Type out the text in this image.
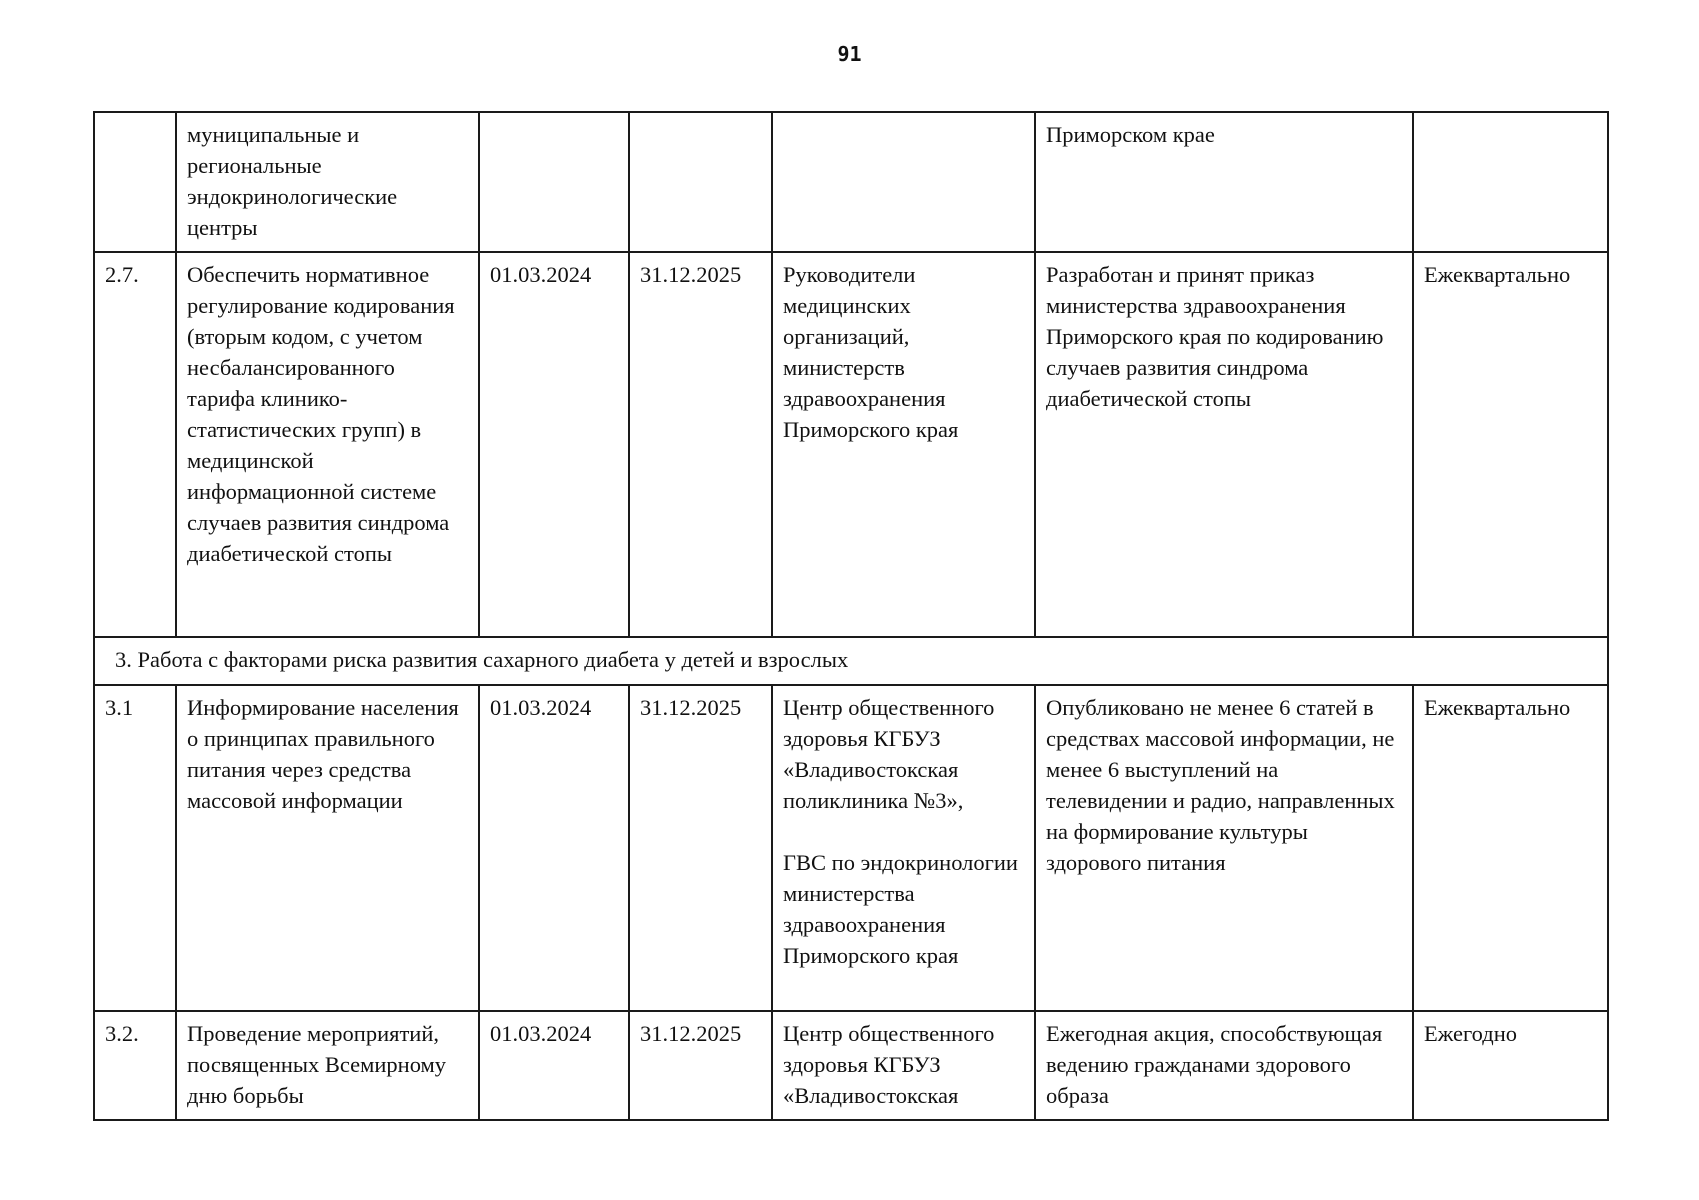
91
	муниципальные и региональные эндокринологические центры				Приморском крае	
2.7.	Обеспечить нормативное регулирование кодирования (вторым кодом, с учетом несбалансированного тарифа клинико-статистических групп) в медицинской информационной системе случаев развития синдрома диабетической стопы	01.03.2024	31.12.2025	Руководители медицинских организаций, министерств здравоохранения Приморского края	Разработан и принят приказ министерства здравоохранения Приморского края по кодированию случаев развития синдрома диабетической стопы	Ежеквартально
3. Работа с факторами риска развития сахарного диабета у детей и взрослых						
3.1	Информирование населения о принципах правильного питания через средства массовой информации	01.03.2024	31.12.2025	Центр общественного здоровья КГБУЗ «Владивостокская поликлиника №3»,

ГВС по эндокринологии министерства здравоохранения Приморского края	Опубликовано не менее 6 статей в средствах массовой информации, не менее 6 выступлений на телевидении и радио, направленных на формирование культуры здорового питания	Ежеквартально
3.2.	Проведение мероприятий, посвященных Всемирному дню борьбы	01.03.2024	31.12.2025	Центр общественного здоровья КГБУЗ «Владивостокская	Ежегодная акция, способствующая ведению гражданами здорового образа	Ежегодно
